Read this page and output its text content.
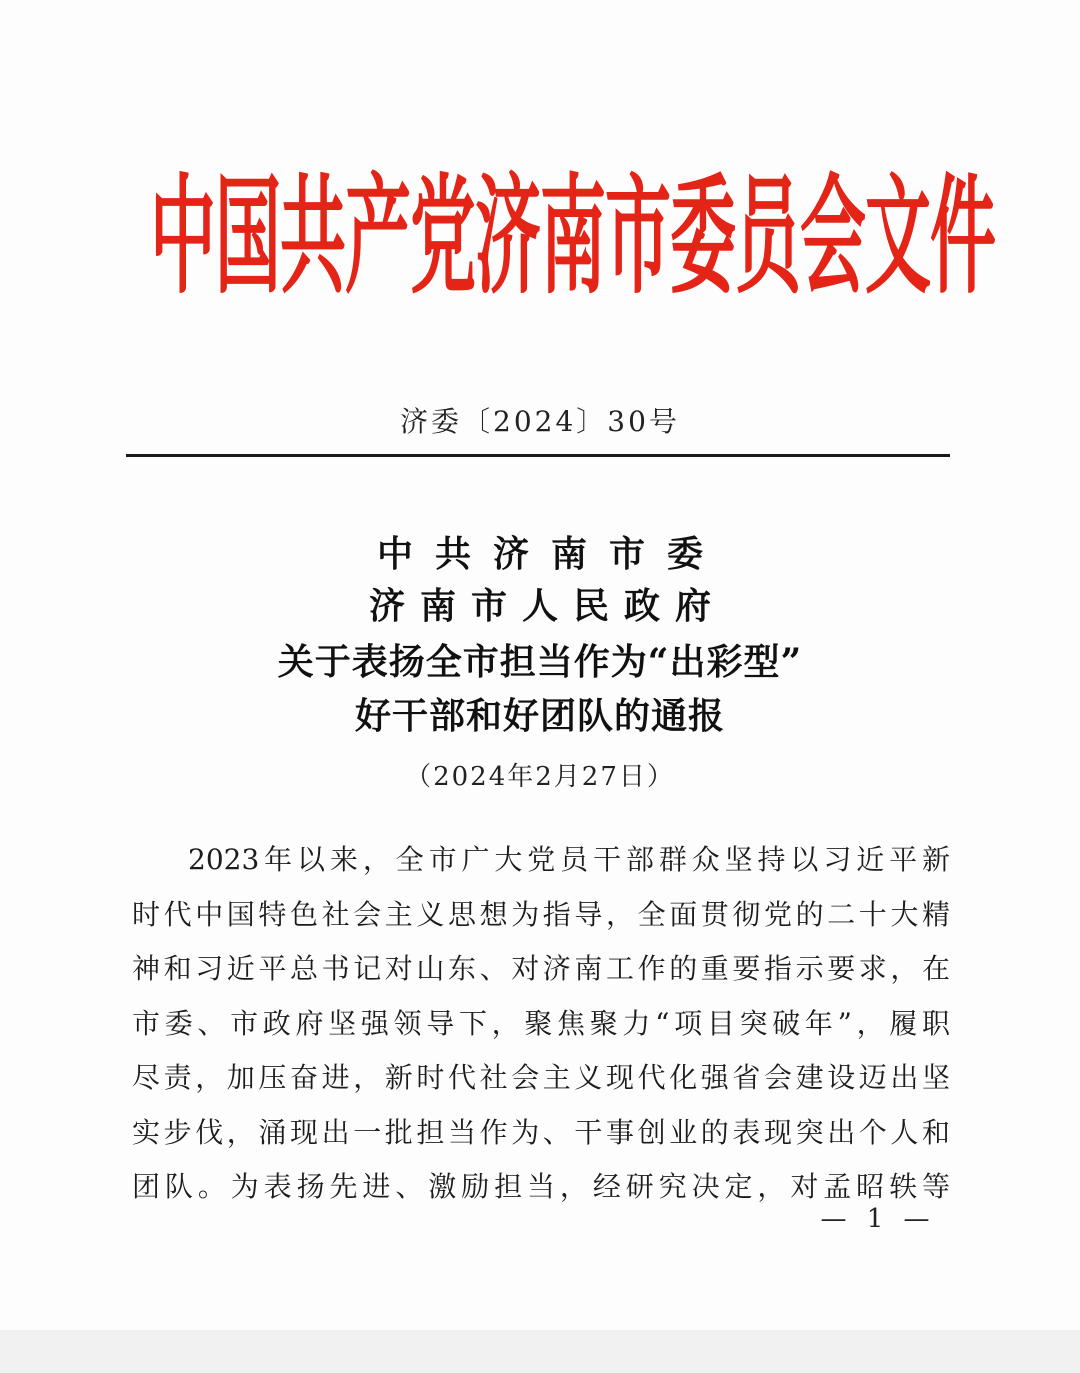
中 国 共 产 党 济 南 市 委 员 会 文 件
济委〔2024〕30号
中共济南市委
济南市人民政府
关于表扬全市担当作为“出彩型”
好干部和好团队的通报
（2024年2月27日）
2023年以来，全市广大党员干部群众坚持以习近平新
时代中国特色社会主义思想为指导，全面贯彻党的二十大精
神和习近平总书记对山东、对济南工作的重要指示要求，在
市委、市政府坚强领导下，聚焦聚力“项目突破年”，履职
尽责，加压奋进，新时代社会主义现代化强省会建设迈出坚
实步伐，涌现出一批担当作为、干事创业的表现突出个人和
团队。为表扬先进、激励担当，经研究决定，对孟昭轶等
— 1 —
